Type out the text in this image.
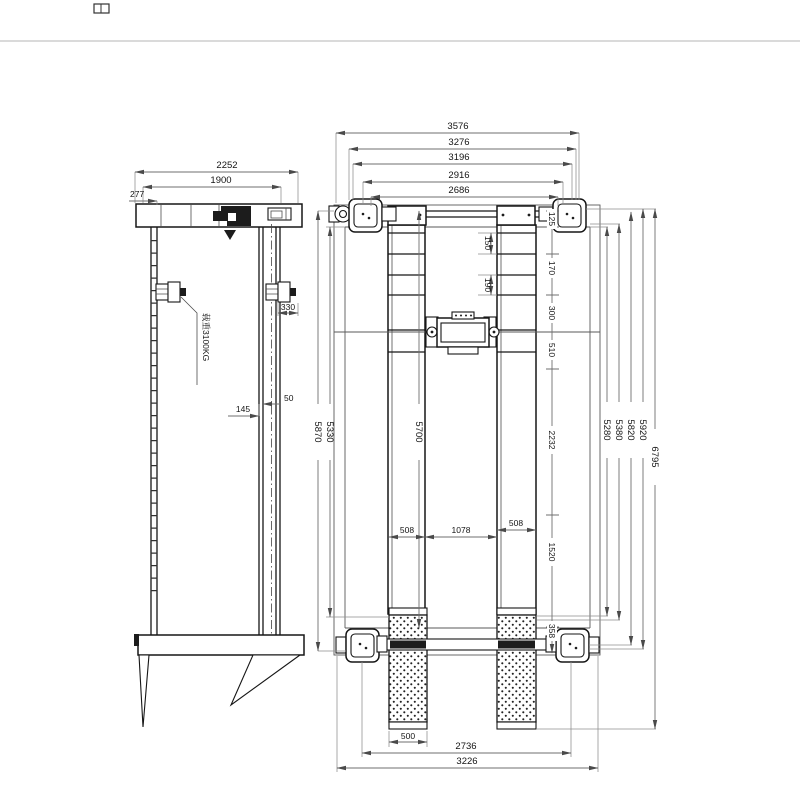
载重3100KG
2252
1900
277
330
145
50
3576
3276
3196
2916
2686
5870 5330	5700	5280 5380 5820 5920
6795
125
170
300
510
2232
1520
358
150
190
508	1078
508
500
2736
3226
